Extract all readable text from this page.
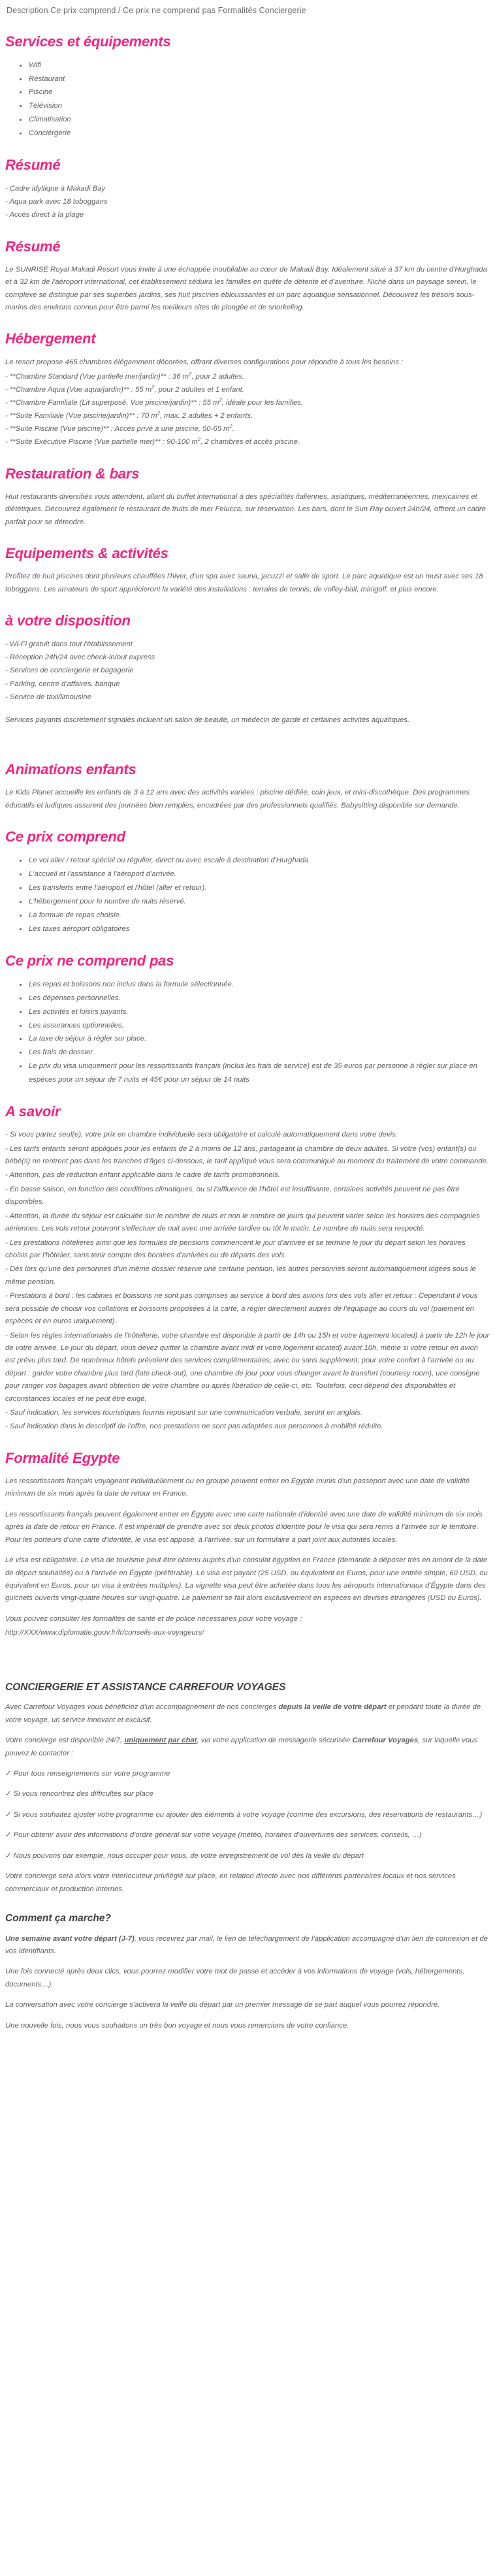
Description Ce prix comprend / Ce prix ne comprend pas Formalités Conciergerie
Services et équipements
• Wifi
• Restaurant
• Piscine
• Télévision
• Climatisation
• Conciérgerie
Résumé

- Cadre idyllique à Makadi Bay

- Aqua park avec 18 toboggans

- Accès direct à la plage

Résumé

Le SUNRISE Royal Makadi Resort vous invite à une échappée inoubliable au cœur de Makadi Bay. Idéalement situé à 37 km du centre d'Hurghada et à 32 km de l'aéroport international, cet établissement séduira les familles en quête de détente et d'aventure. Niché dans un paysage serein, le complexe se distingue par ses superbes jardins, ses huit piscines éblouissantes et un parc aquatique sensationnel. Découvrez les trésors sous-marins des environs connus pour être parmi les meilleurs sites de plongée et de snorkeling.

Hébergement

Le resort propose 465 chambres élégamment décorées, offrant diverses configurations pour répondre à tous les besoins :

- **Chambre Standard (Vue partielle mer/jardin)** : 36 $m^2$, pour 2 adultes.

- **Chambre Aqua (Vue aqua/jardin)** : 55 $m^2$, pour 2 adultes et 1 enfant.

- **Chambre Familiale (Lit superposé, Vue piscine/jardin)** : 55 $m^2$, idéale pour les familles.

- **Suite Familiale (Vue piscine/jardin)** : 70 $m^2$, max. 2 adultes + 2 enfants.

- **Suite Piscine (Vue piscine)** : Accès privé à une piscine, 50-65 $m^2$.

- **Suite Exécutive Piscine (Vue partielle mer)** : 90-100 $m^2$, 2 chambres et accès piscine.

Restauration & bars

Huit restaurants diversifiés vous attendent, allant du buffet international à des spécialités italiennes, asiatiques, méditerranéennes, mexicaines et diététiques. Découvrez également le restaurant de fruits de mer Felucca, sur réservation. Les bars, dont le Sun Ray ouvert 24h/24, offrent un cadre parfait pour se détendre.

Equipements & activités

Profitez de huit piscines dont plusieurs chauffées l'hiver, d'un spa avec sauna, jacuzzi et salle de sport. Le parc aquatique est un must avec ses 18 toboggans. Les amateurs de sport apprécieront la variété des installations : terrains de tennis, de volley-ball, minigolf, et plus encore.

à votre disposition

- Wi-Fi gratuit dans tout l'établissement

- Réception 24h/24 avec check-in/out express

- Services de conciergerie et bagagerie

- Parking, centre d'affaires, banque

- Service de taxi/limousine

Services payants discrètement signalés incluent un salon de beauté, un médecin de garde et certaines activités aquatiques.

Animations enfants

Le Kids Planet accueille les enfants de 3 à 12 ans avec des activités variées : piscine dédiée, coin jeux, et mini-discothèque. Des programmes éducatifs et ludiques assurent des journées bien remplies, encadrées par des professionnels qualifiés. Babysitting disponible sur demande.

Ce prix comprend
• Le vol aller / retour spécial ou régulier, direct ou avec escale à destination d'Hurghada
• L'accueil et l'assistance à l'aéroport d'arrivée.
• Les transferts entre l'aéroport et l'hôtel (aller et retour).
• L'hébergement pour le nombre de nuits réservé.
• La formule de repas choisie.
• Les taxes aéroport obligatoires
Ce prix ne comprend pas
• Les repas et boissons non inclus dans la formule sélectionnée.
• Les dépenses personnelles.
• Les activités et loisirs payants.
• Les assurances optionnelles.
• La taxe de séjour à régler sur place.
• Les frais de dossier.
• Le prix du visa uniquement pour les ressortissants français (inclus les frais de service) est de 35 euros par personne à régler sur place en espèces pour un séjour de 7 nuits et 45€ pour un séjour de 14 nuits
A savoir

- Si vous partez seul(e), votre prix en chambre individuelle sera obligatoire et calculé automatiquement dans votre devis.

- Les tarifs enfants seront appliqués pour les enfants de 2 à moins de 12 ans, partageant la chambre de deux adultes. Si votre (vos) enfant(s) ou bébé(s) ne rentrent pas dans les tranches d'âges ci-dessous, le tarif appliqué vous sera communiqué au moment du traitement de votre commande.

- Attention, pas de réduction enfant applicable dans le cadre de tarifs promotionnels.

- En basse saison, en fonction des conditions climatiques, ou si l'affluence de l'hôtel est insuffisante, certaines activités peuvent ne pas être disponibles.

- Attention, la durée du séjour est calculée sur le nombre de nuits et non le nombre de jours qui peuvent varier selon les horaires des compagnies aériennes. Les vols retour pourront s'effectuer de nuit avec une arrivée tardive ou tôt le matin. Le nombre de nuits sera respecté.

- Les prestations hôtelières ainsi que les formules de pensions commencent le jour d'arrivée et se termine le jour du départ selon les horaires choisis par l'hôtelier, sans tenir compte des horaires d'arrivées ou de départs des vols.

- Dès lors qu'une des personnes d'un même dossier réserve une certaine pension, les autres personnes seront automatiquement logées sous le même pension.

- Prestations à bord : les cabines et boissons ne sont pas comprises au service à bord des avions lors des vols aller et retour ; Cependant il vous sera possible de choisir vos collations et boissons proposées à la carte, à régler directement auprès de l'équipage au cours du vol (paiement en espèces et en euros uniquement).

- Selon les règles internationales de l'hôtellerie, votre chambre est disponible à partir de 14h ou 15h et votre logement located) à partir de 12h le jour de votre arrivée. Le jour du départ, vous devez quitter la chambre avant midi et votre logement located) avant 10h, même si votre retour en avion est prévu plus tard. De nombreux hôtels prévoient des services complémentaires, avec ou sans supplément, pour votre confort à l'arrivée ou au départ : garder votre chambre plus tard (late check-out), une chambre de jour pour vous changer avant le transfert (courtesy room), une consigne pour ranger vos bagages avant obtention de votre chambre ou après libération de celle-ci, etc. Toutefois, ceci dépend des disponibilités et circonstances locales et ne peut être exigé.

- Sauf indication, les services touristiques fournis reposant sur une communication verbale, seront en anglais.

- Sauf indication dans le descriptif de l'offre, nos prestations ne sont pas adaptées aux personnes à mobilité réduite.

Formalité Egypte

Les ressortissants français voyageant individuellement ou en groupe peuvent entrer en Égypte munis d'un passeport avec une date de validité minimum de six mois après la date de retour en France.

Les ressortissants français peuvent également entrer en Égypte avec une carte nationale d'identité avec une date de validité minimum de six mois après la date de retour en France. Il est impératif de prendre avec soi deux photos d'identité pour le visa qui sera remis à l'arrivée sur le territoire. Pour les porteurs d'une carte d'identité, le visa est apposé, à l'arrivée, sur un formulaire à part joint aux autorités locales.

Le visa est obligatoire. Le visa de tourisme peut être obtenu auprès d'un consulat égyptien en France (demande à déposer très en amont de la date de départ souhaitée) ou à l'arrivée en Égypte (préférable). Le visa est payant (25 USD, ou équivalent en Euros, pour une entrée simple, 60 USD, ou équivalent en Euros, pour un visa à entrées multiples). La vignette visa peut être achetée dans tous les aéroports internationaux d'Égypte dans des guichets ouverts vingt-quatre heures sur vingt-quatre. Le paiement se fait alors exclusivement en espèces en devises étrangères (USD ou Euros).

Vous pouvez consulter les formalités de santé et de police nécessaires pour votre voyage :

http://XXX/www.diplomatie.gouv.fr/fr/conseils-aux-voyageurs/

CONCIERGERIE ET ASSISTANCE CARREFOUR VOYAGES

Avec Carrefour Voyages vous bénéficiez d'un accompagnement de nos concierges depuis la veille de votre départ et pendant toute la durée de votre voyage, un service innovant et exclusif.

Votre concierge est disponible 24/7, uniquement par chat, via votre application de messagerie sécurisée Carrefour Voyages, sur laquelle vous pouvez le contacter :

✓ Pour tous renseignements sur votre programme

✓ Si vous rencontrez des difficultés sur place

✓ Si vous souhaitez ajuster votre programme ou ajouter des éléments à votre voyage (comme des excursions, des réservations de restaurants…)

✓ Pour obtenir avoir des informations d'ordre général sur votre voyage (météo, horaires d'ouvertures des services, conseils, …)

✓ Nous pouvons par exemple, nous occuper pour vous, de votre enregistrement de vol dès la veille du départ

Votre concierge sera alors votre interlocuteur privilégié sur place, en relation directe avec nos différents partenaires locaux et nos services commerciaux et production internes.

Comment ça marche?

Une semaine avant votre départ (J-7), vous recevrez par mail, le lien de téléchargement de l'application accompagné d'un lien de connexion et de vos identifiants.

Une fois connecté après deux clics, vous pourrez modifier votre mot de passe et accéder à vos informations de voyage (vols, hébergements, documents…).

La conversation avec votre concierge s'activera la veille du départ par un premier message de se part auquel vous pourrez répondre.

Une nouvelle fois, nous vous souhaitons un très bon voyage et nous vous remercions de votre confiance.
